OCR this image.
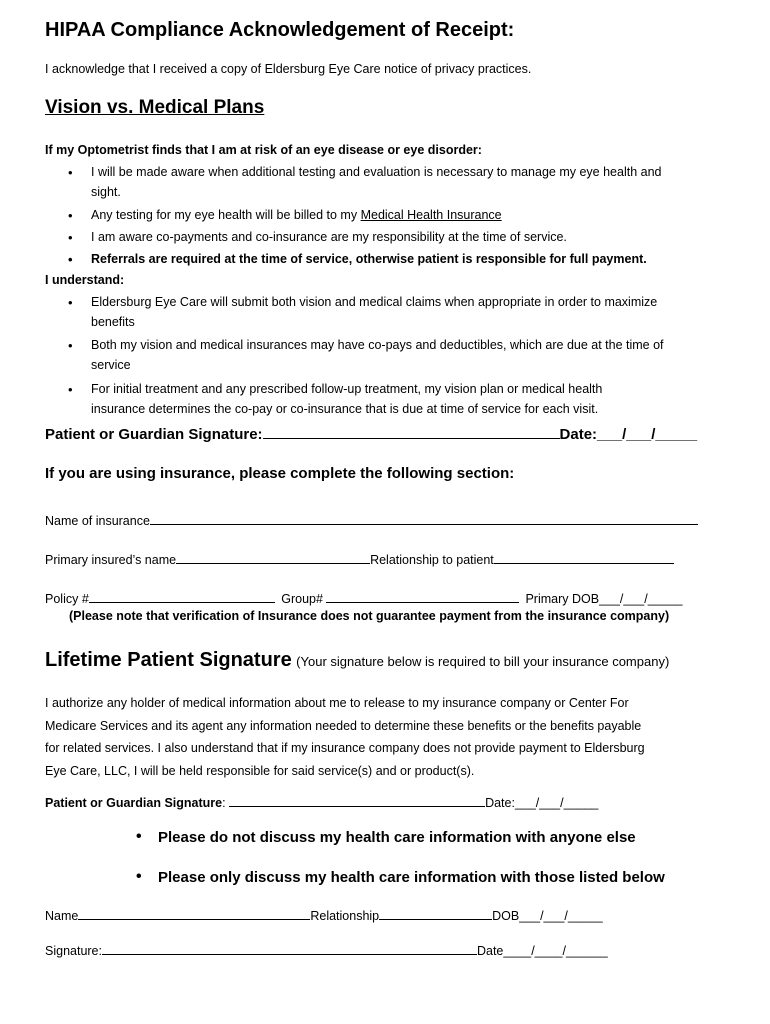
HIPAA Compliance Acknowledgement of Receipt:
I acknowledge that I received a copy of Eldersburg Eye Care notice of privacy practices.
Vision vs. Medical Plans
If my Optometrist finds that I am at risk of an eye disease or eye disorder:
• I will be made aware when additional testing and evaluation is necessary to manage my eye health and
sight.
• Any testing for my eye health will be billed to my Medical Health Insurance
• I am aware co-payments and co-insurance are my responsibility at the time of service.
• Referrals are required at the time of service, otherwise patient is responsible for full payment.
I understand:
• Eldersburg Eye Care will submit both vision and medical claims when appropriate in order to maximize
benefits
• Both my vision and medical insurances may have co-pays and deductibles, which are due at the time of
service
• For initial treatment and any prescribed follow-up treatment, my vision plan or medical health
insurance determines the co-pay or co-insurance that is due at time of service for each visit.
Patient or Guardian Signature:	Date:___/___/_____
If you are using insurance, please complete the following section:
Name of insurance
Primary insured’s name	Relationship to patient
Policy #	Group#	Primary DOB___/___/_____
(Please note that verification of Insurance does not guarantee payment from the insurance company)
Lifetime Patient Signature (Your signature below is required to bill your insurance company)
I authorize any holder of medical information about me to release to my insurance company or Center For
Medicare Services and its agent any information needed to determine these benefits or the benefits payable
for related services. I also understand that if my insurance company does not provide payment to Eldersburg
Eye Care, LLC, I will be held responsible for said service(s) and or product(s).
Patient or Guardian Signature:	Date:___/___/_____
• Please do not discuss my health care information with anyone else
• Please only discuss my health care information with those listed below
Name	Relationship	DOB___/___/_____
Signature:	Date____/____/______
